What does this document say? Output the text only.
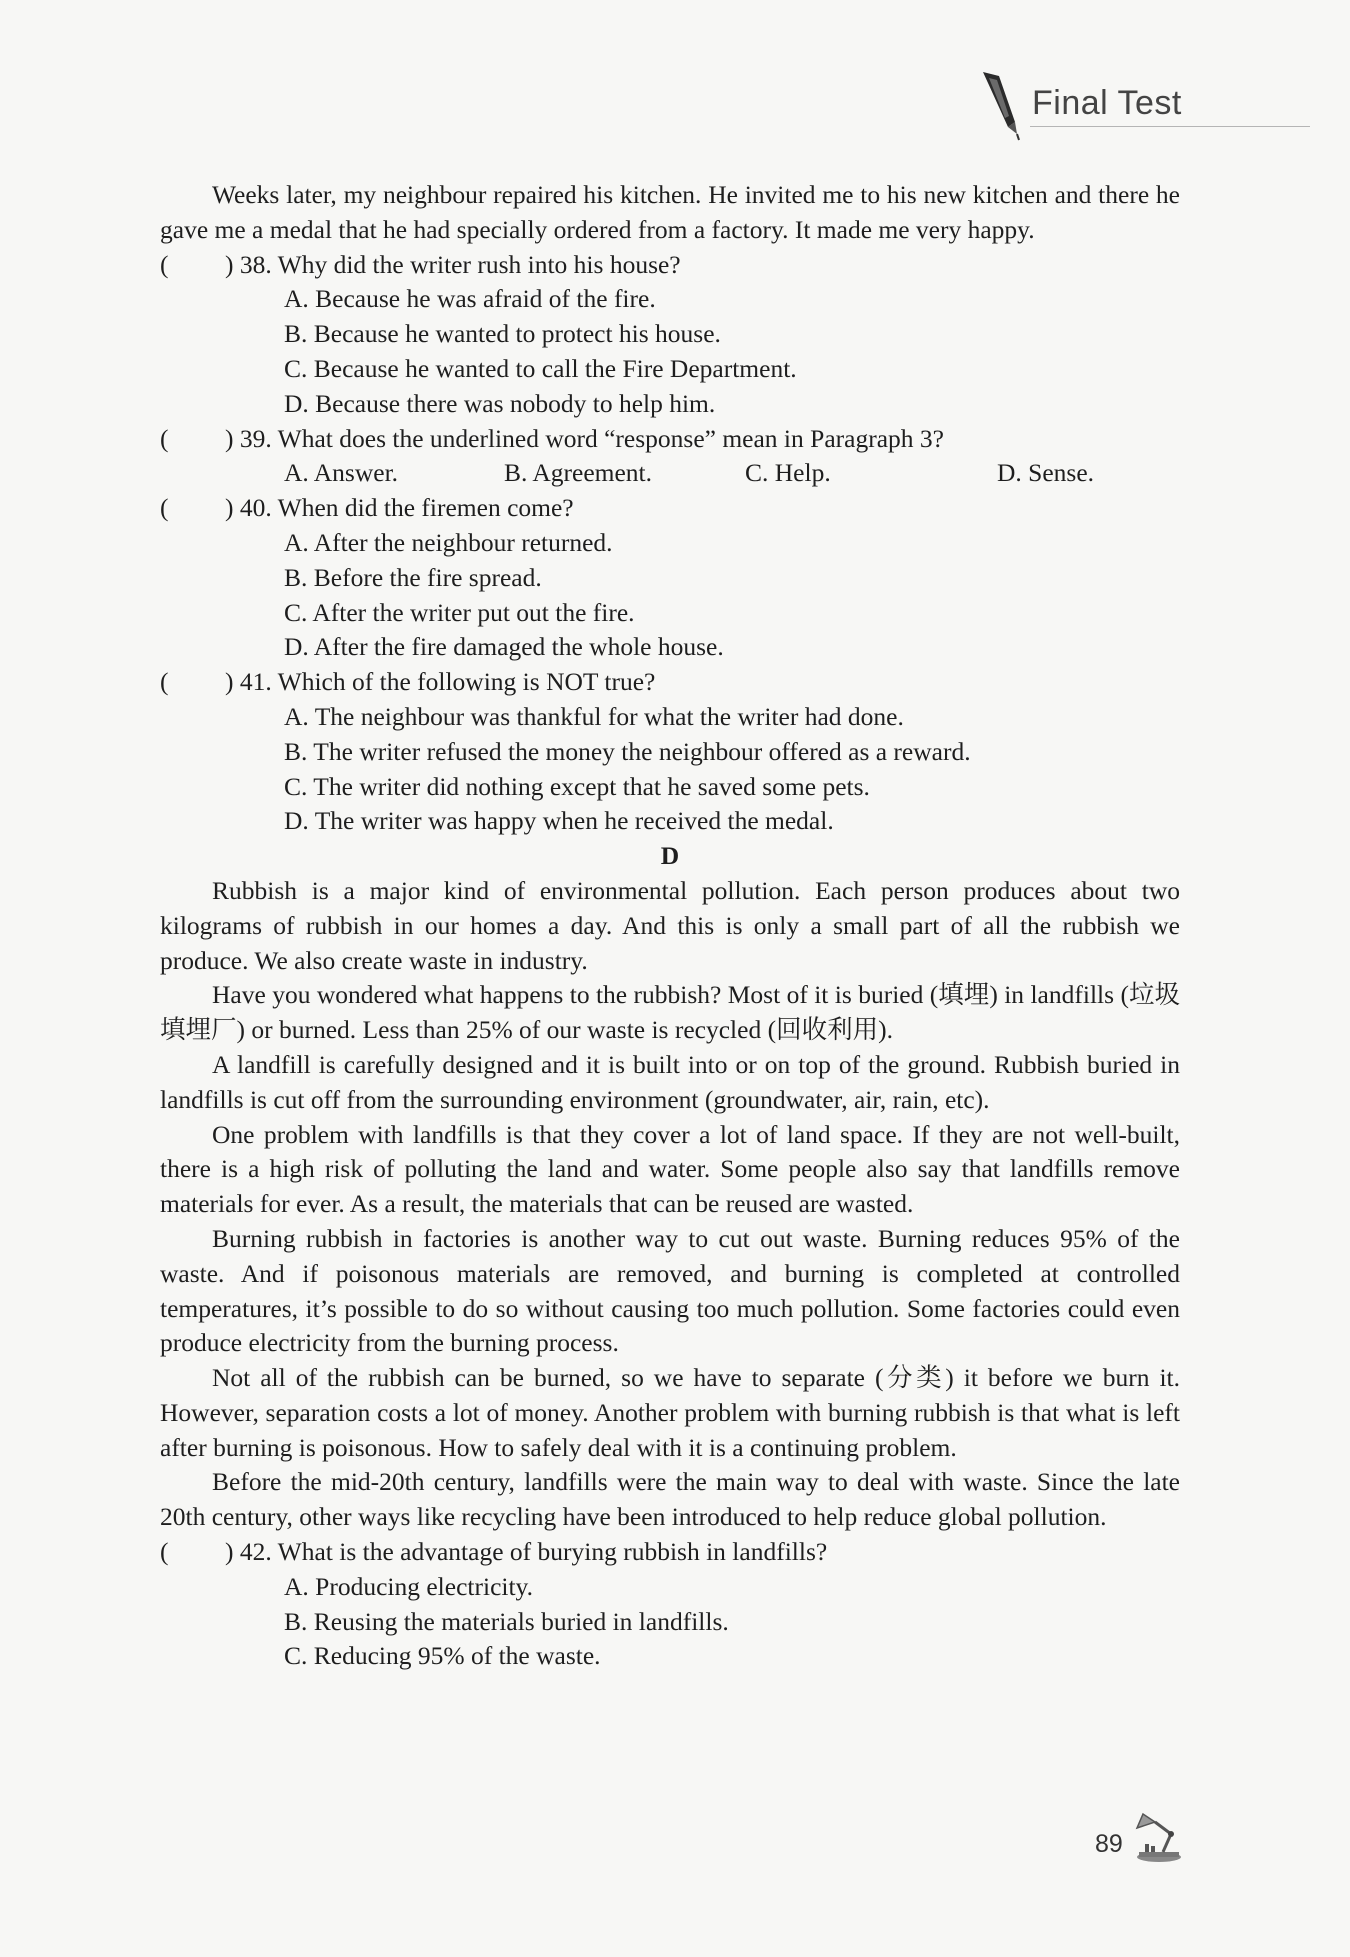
Final Test

Weeks later, my neighbour repaired his kitchen. He invited me to his new kitchen and there he gave me a medal that he had specially ordered from a factory. It made me very happy.

( ) 38. Why did the writer rush into his house?

A. Because he was afraid of the fire.

B. Because he wanted to protect his house.

C. Because he wanted to call the Fire Department.

D. Because there was nobody to help him.

( ) 39. What does the underlined word “response” mean in Paragraph 3?

A. Answer.	B. Agreement.	C. Help.	D. Sense.

( ) 40. When did the firemen come?

A. After the neighbour returned.

B. Before the fire spread.

C. After the writer put out the fire.

D. After the fire damaged the whole house.

( ) 41. Which of the following is NOT true?

A. The neighbour was thankful for what the writer had done.

B. The writer refused the money the neighbour offered as a reward.

C. The writer did nothing except that he saved some pets.

D. The writer was happy when he received the medal.

D

Rubbish is a major kind of environmental pollution. Each person produces about two kilograms of rubbish in our homes a day. And this is only a small part of all the rubbish we produce. We also create waste in industry.

Have you wondered what happens to the rubbish? Most of it is buried (填埋) in landfills (垃圾填埋厂) or burned. Less than 25% of our waste is recycled (回收利用).

A landfill is carefully designed and it is built into or on top of the ground. Rubbish buried in landfills is cut off from the surrounding environment (groundwater, air, rain, etc).

One problem with landfills is that they cover a lot of land space. If they are not well-built, there is a high risk of polluting the land and water. Some people also say that landfills remove materials for ever. As a result, the materials that can be reused are wasted.

Burning rubbish in factories is another way to cut out waste. Burning reduces 95% of the waste. And if poisonous materials are removed, and burning is completed at controlled temperatures, it’s possible to do so without causing too much pollution. Some factories could even produce electricity from the burning process.

Not all of the rubbish can be burned, so we have to separate (分类) it before we burn it. However, separation costs a lot of money. Another problem with burning rubbish is that what is left after burning is poisonous. How to safely deal with it is a continuing problem.

Before the mid-20th century, landfills were the main way to deal with waste. Since the late 20th century, other ways like recycling have been introduced to help reduce global pollution.

( ) 42. What is the advantage of burying rubbish in landfills?

A. Producing electricity.

B. Reusing the materials buried in landfills.

C. Reducing 95% of the waste.

89
